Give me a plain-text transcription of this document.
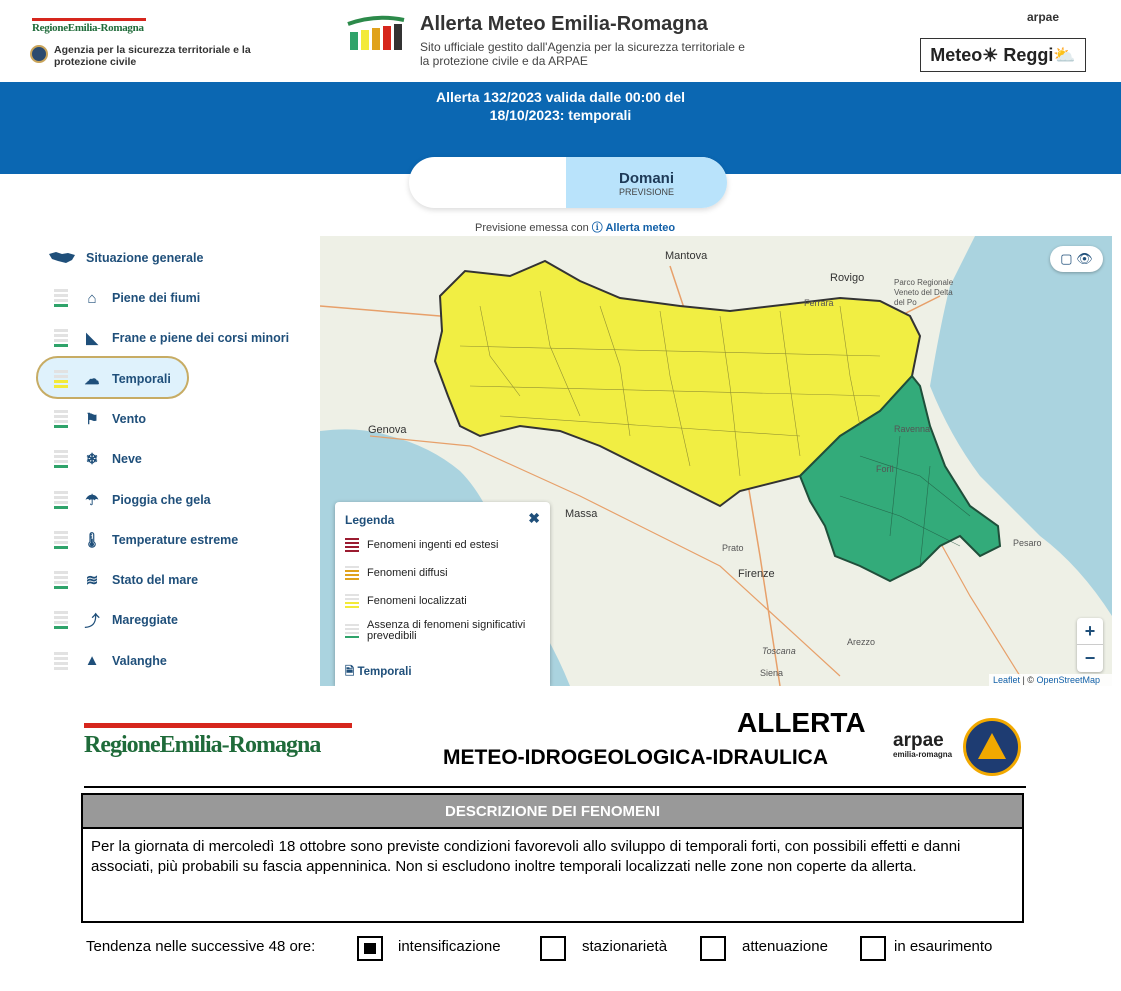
RegioneEmilia-Romagna
Agenzia per la sicurezza territoriale e la protezione civile
Allerta Meteo Emilia-Romagna
Sito ufficiale gestito dall'Agenzia per la sicurezza territoriale e la protezione civile e da ARPAE
arpae
Meteo☀ Reggi⛅
Allerta 132/2023 valida dalle 00:00 del
18/10/2023: temporali
Domani
PREVISIONE
Previsione emessa con ⓘ Allerta meteo
Situazione generale
⌂	Piene dei fiumi
◣	Frane e piene dei corsi minori
☁ Temporali
⚑ Vento
❄ Neve
☂ Pioggia che gela
🌡 Temperature estreme
≋ Stato del mare
⤴ Mareggiate
▲ Valanghe
Mantova
Rovigo
Genova
Massa
Firenze
Prato
Arezzo
Pesaro
Ravenna
Forlì
Ferrara
Parco Regionale Veneto del Delta del Po
Toscana
Siena
▢ 👁
+
−
Leaflet | © OpenStreetMap
Legenda	✖
Fenomeni ingenti ed estesi
Fenomeni diffusi
Fenomeni localizzati
Assenza di fenomeni significativi prevedibili
🗎 Temporali
RegioneEmilia-Romagna
ALLERTA
METEO-IDROGEOLOGICA-IDRAULICA
arpae
emilia-romagna
DESCRIZIONE DEI FENOMENI
Per la giornata di mercoledì 18 ottobre sono previste condizioni favorevoli allo sviluppo di temporali forti, con possibili effetti e danni associati, più probabili su fascia appenninica. Non si escludono inoltre temporali localizzati nelle zone non coperte da allerta.
Tendenza nelle successive 48 ore:	intensificazione	stazionarietà	attenuazione	in esaurimento
